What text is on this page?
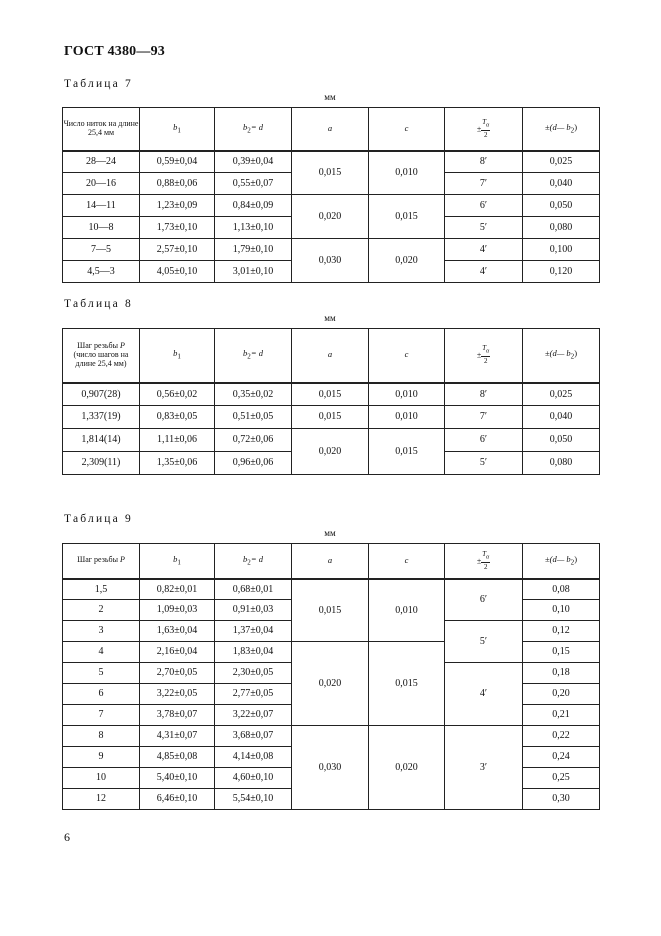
ГОСТ 4380—93
Таблица 7
мм
Число ниток на длине 25,4 мм	$b_1$	$b_2= d$	a	c	± $\frac{T_\alpha}{2}$	±(d— $b_2$)
28—24	0,59±0,04	0,39±0,04	0,015	0,010	8′	0,025
20—16	0,88±0,06	0,55±0,07			7′	0,040
14—11	1,23±0,09	0,84±0,09	0,020	0,015	6′	0,050
10—8	1,73±0,10	1,13±0,10			5′	0,080
7—5	2,57±0,10	1,79±0,10	0,030	0,020	4′	0,100
4,5—3	4,05±0,10	3,01±0,10			4′	0,120
Таблица 8
мм
Шаг резьбы P
(число шагов на длине 25,4 мм)	$b_1$	$b_2= d$	a	c	± $\frac{T_\alpha}{2}$	±(d— $b_2$)
0,907(28)	0,56±0,02	0,35±0,02	0,015	0,010	8′	0,025
1,337(19)	0,83±0,05	0,51±0,05	0,015	0,010	7′	0,040
1,814(14)	1,11±0,06	0,72±0,06	0,020	0,015	6′	0,050
2,309(11)	1,35±0,06	0,96±0,06			5′	0,080
Таблица 9
мм
Шаг резьбы P	$b_1$	$b_2= d$	a	c	± $\frac{T_\alpha}{2}$	±(d— $b_2$)
1,5	0,82±0,01	0,68±0,01	0,015	0,010	6′	0,08
2	1,09±0,03	0,91±0,03				0,10
3	1,63±0,04	1,37±0,04			5′	0,12
4	2,16±0,04	1,83±0,04	0,020	0,015		0,15
5	2,70±0,05	2,30±0,05			4′	0,18
6	3,22±0,05	2,77±0,05				0,20
7	3,78±0,07	3,22±0,07				0,21
8	4,31±0,07	3,68±0,07	0,030	0,020	3′	0,22
9	4,85±0,08	4,14±0,08				0,24
10	5,40±0,10	4,60±0,10				0,25
12	6,46±0,10	5,54±0,10				0,30
6
